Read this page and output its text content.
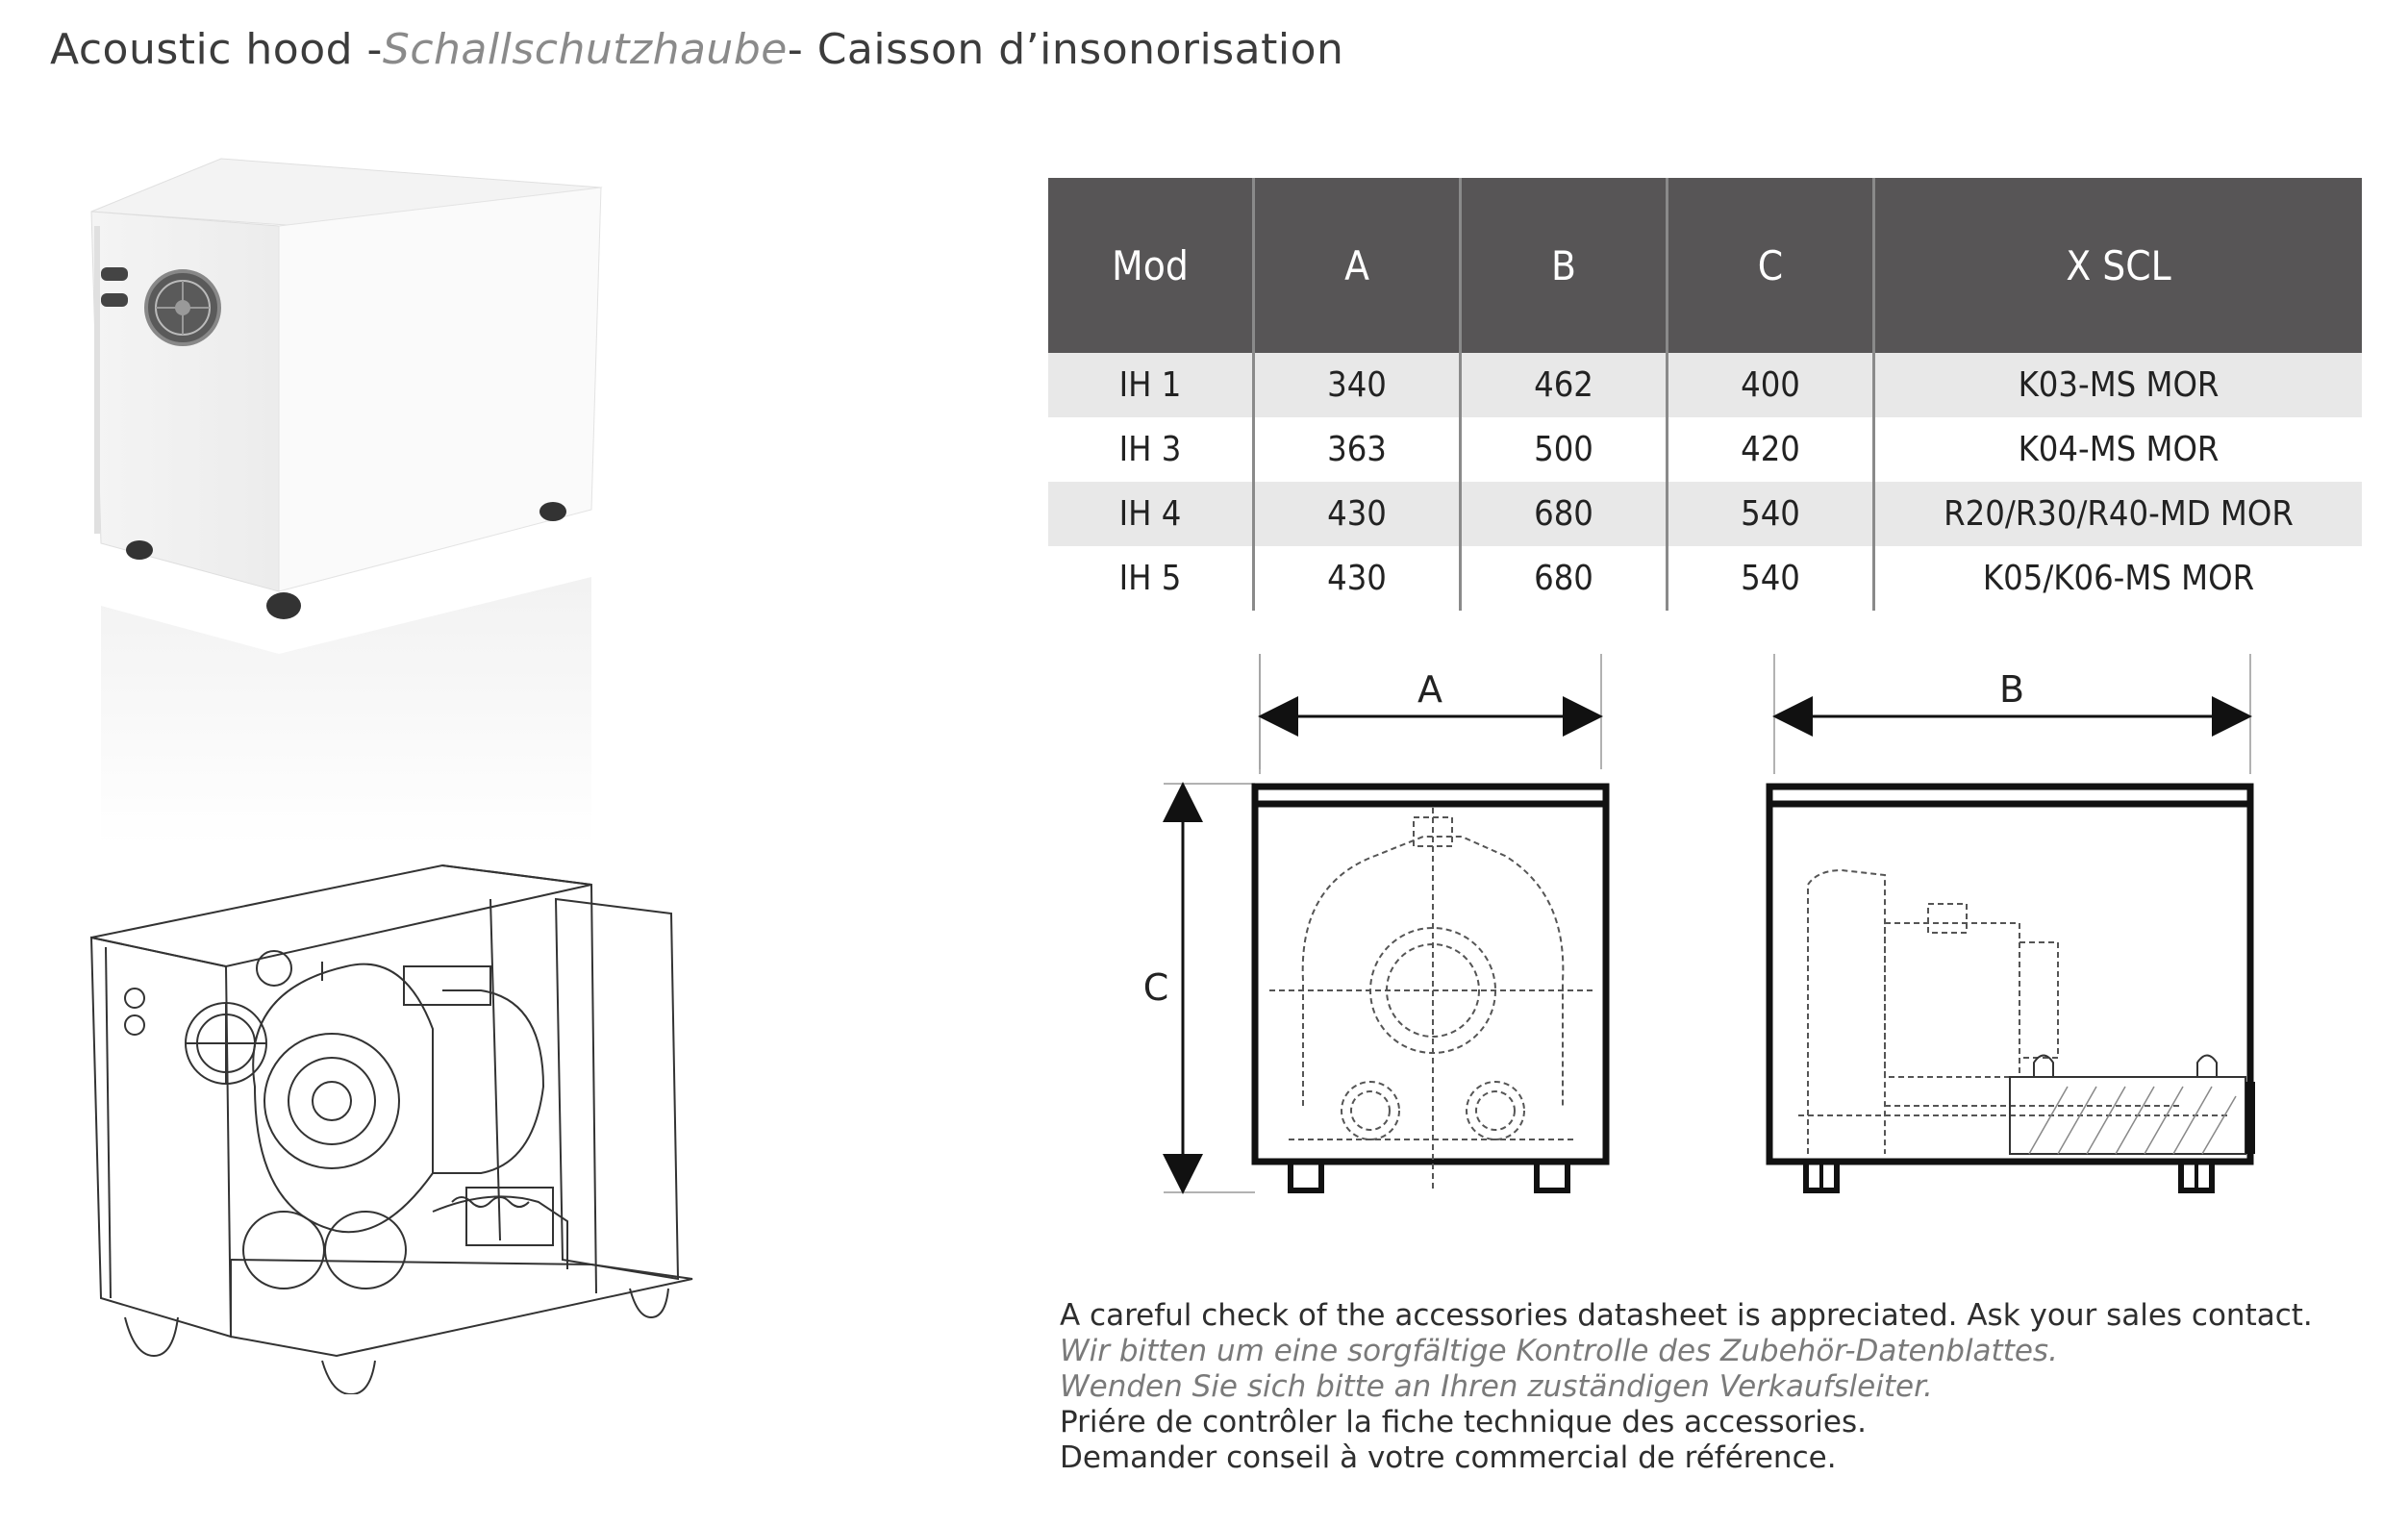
Acoustic hood -Schallschutzhaube- Caisson d’insonorisation
Mod	A	B	C	X SCL
IH 1	340	462	400	K03-MS MOR
IH 3	363	500	420	K04-MS MOR
IH 4	430	680	540	R20/R30/R40-MD MOR
IH 5	430	680	540	K05/K06-MS MOR
A
C
B
A careful check of the accessories datasheet is appreciated. Ask your sales contact.
Wir bitten um eine sorgfältige Kontrolle des Zubehör-Datenblattes.
Wenden Sie sich bitte an Ihren zuständigen Verkaufsleiter.
Priére de contrôler la fiche technique des accessories.
Demander conseil à votre commercial de référence.
